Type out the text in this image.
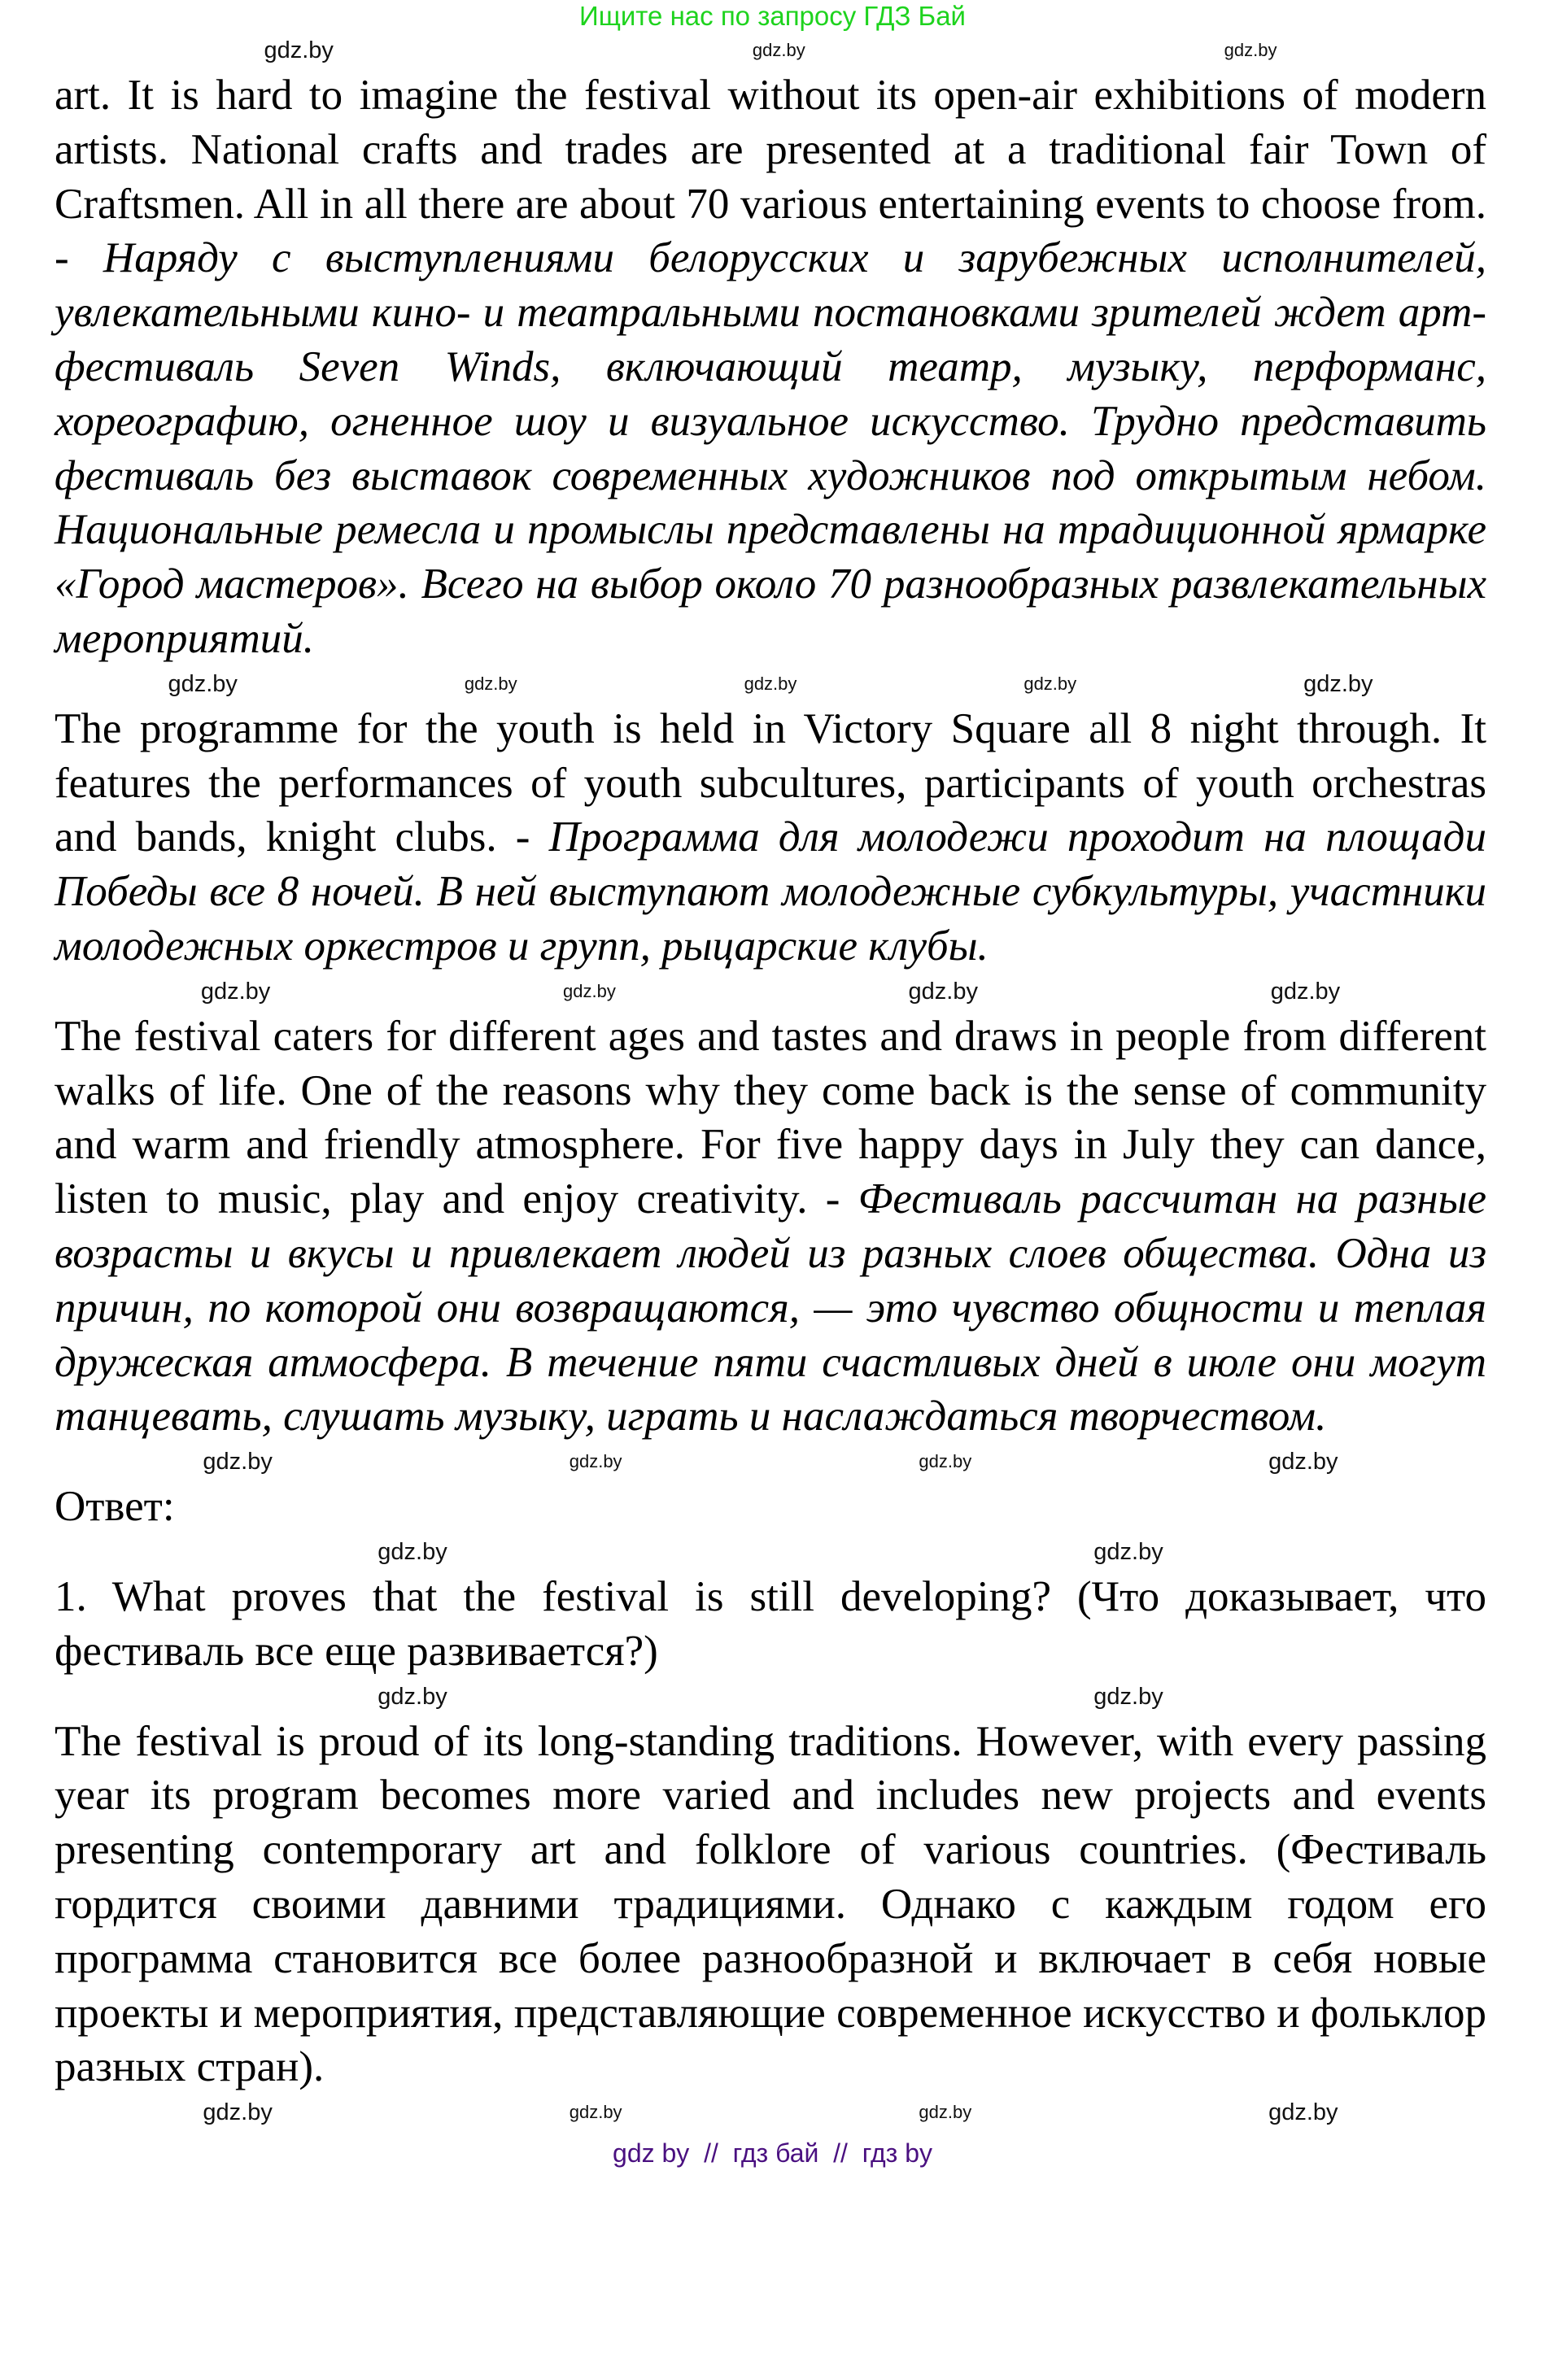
Ищите нас по запросу ГДЗ Бай
gdz.by	gdz.by	gdz.by

art. It is hard to imagine the festival without its open-air exhibitions of modern artists. National crafts and trades are presented at a traditional fair Town of Craftsmen. All in all there are about 70 various entertaining events to choose from. - Наряду с выступлениями белорусских и зарубежных исполнителей, увлекательными кино- и театральными постановками зрителей ждет арт-фестиваль Seven Winds, включающий театр, музыку, перформанс, хореографию, огненное шоу и визуальное искусство. Трудно представить фестиваль без выставок современных художников под открытым небом. Национальные ремесла и промыслы представлены на традиционной ярмарке «Город мастеров». Всего на выбор около 70 разнообразных развлекательных мероприятий.

gdz.by	gdz.by	gdz.by	gdz.by	gdz.by

The programme for the youth is held in Victory Square all 8 night through. It features the performances of youth subcultures, participants of youth orchestras and bands, knight clubs. - Программа для молодежи проходит на площади Победы все 8 ночей. В ней выступают молодежные субкультуры, участники молодежных оркестров и групп, рыцарские клубы.

gdz.by	gdz.by	gdz.by	gdz.by

The festival caters for different ages and tastes and draws in people from different walks of life. One of the reasons why they come back is the sense of community and warm and friendly atmosphere. For five happy days in July they can dance, listen to music, play and enjoy creativity. - Фестиваль рассчитан на разные возрасты и вкусы и привлекает людей из разных слоев общества. Одна из причин, по которой они возвращаются, — это чувство общности и теплая дружеская атмосфера. В течение пяти счастливых дней в июле они могут танцевать, слушать музыку, играть и наслаждаться творчеством.

gdz.by	gdz.by	gdz.by	gdz.by

Ответ:

gdz.by	gdz.by

1. What proves that the festival is still developing? (Что доказывает, что фестиваль все еще развивается?)

gdz.by	gdz.by

The festival is proud of its long-standing traditions. However, with every passing year its program becomes more varied and includes new projects and events presenting contemporary art and folklore of various countries. (Фестиваль гордится своими давними традициями. Однако с каждым годом его программа становится все более разнообразной и включает в себя новые проекты и мероприятия, представляющие современное искусство и фольклор разных стран).

gdz.by	gdz.by	gdz.by	gdz.by
gdz by  //  гдз бай  //  гдз by
